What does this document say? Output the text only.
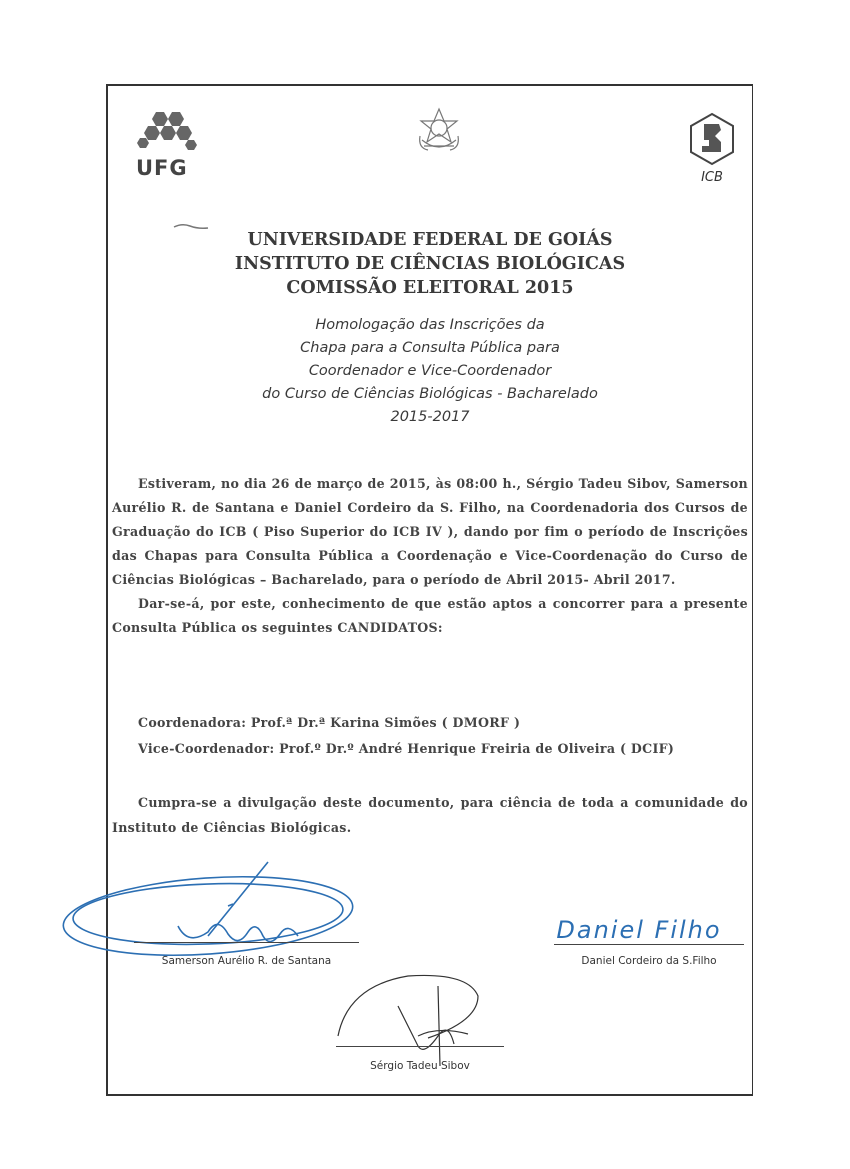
UFG	ICB
UNIVERSIDADE FEDERAL DE GOIÁS
INSTITUTO DE CIÊNCIAS BIOLÓGICAS
COMISSÃO ELEITORAL 2015
Homologação das Inscrições da
Chapa para a Consulta Pública para
Coordenador e Vice-Coordenador
do Curso de Ciências Biológicas - Bacharelado
2015-2017

Estiveram, no dia 26 de março de 2015, às 08:00 h., Sérgio Tadeu Sibov, Samerson Aurélio R. de Santana e Daniel Cordeiro da S. Filho, na Coordenadoria dos Cursos de Graduação do ICB ( Piso Superior do ICB IV ), dando por fim o período de Inscrições das Chapas para Consulta Pública a Coordenação e Vice-Coordenação do Curso de Ciências Biológicas – Bacharelado, para o período de Abril 2015- Abril 2017.

Dar-se-á, por este, conhecimento de que estão aptos a concorrer para a presente Consulta Pública os seguintes CANDIDATOS:

Coordenadora: Prof.ª Dr.ª Karina Simões ( DMORF )
Vice-Coordenador: Prof.º Dr.º André Henrique Freiria de Oliveira ( DCIF)

Cumpra-se a divulgação deste documento, para ciência de toda a comunidade do Instituto de Ciências Biológicas.

Samerson Aurélio R. de Santana
Daniel Filho
Daniel Cordeiro da S.Filho
Sérgio Tadeu Sibov
